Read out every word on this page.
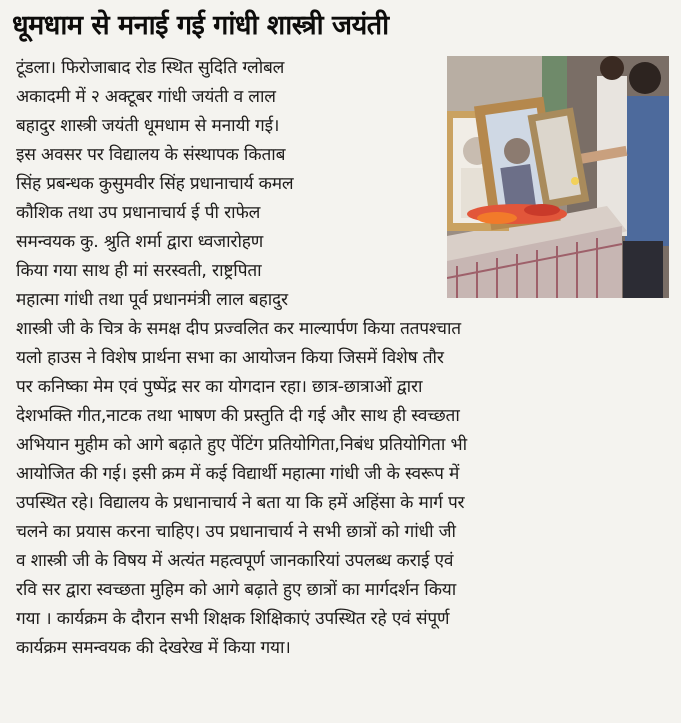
धूमधाम से मनाई गई गांधी शास्त्री जयंती

टूंडला। फिरोजाबाद रोड स्थित सुदिति ग्लोबल

अकादमी में २ अक्टूबर गांधी जयंती व लाल

बहादुर शास्त्री जयंती धूमधाम से मनायी गई।

इस अवसर पर विद्यालय के संस्थापक किताब

सिंह प्रबन्धक कुसुमवीर सिंह प्रधानाचार्य कमल

कौशिक तथा उप प्रधानाचार्य ई पी राफेल

समन्वयक कु. श्रुति शर्मा द्वारा ध्वजारोहण

किया गया साथ ही मां सरस्वती, राष्ट्रपिता

महात्मा गांधी तथा पूर्व प्रधानमंत्री लाल बहादुर

शास्त्री जी के चित्र के समक्ष दीप प्रज्वलित कर माल्यार्पण किया ततपश्चात

यलो हाउस ने विशेष प्रार्थना सभा का आयोजन किया जिसमें विशेष तौर

पर कनिष्का मेम एवं पुष्पेंद्र सर का योगदान रहा। छात्र-छात्राओं द्वारा

देशभक्ति गीत,नाटक तथा भाषण की प्रस्तुति दी गई और साथ ही स्वच्छता

अभियान मुहीम को आगे बढ़ाते हुए पेंटिंग प्रतियोगिता,निबंध प्रतियोगिता भी

आयोजित की गई। इसी क्रम में कई विद्यार्थी महात्मा गांधी जी के स्वरूप में

उपस्थित रहे। विद्यालय के प्रधानाचार्य ने बता या कि हमें अहिंसा के मार्ग पर

चलने का प्रयास करना चाहिए। उप प्रधानाचार्य ने सभी छात्रों को गांधी जी

व शास्त्री जी के विषय में अत्यंत महत्वपूर्ण जानकारियां उपलब्ध कराई एवं

रवि सर द्वारा स्वच्छता मुहिम को आगे बढ़ाते हुए छात्रों का मार्गदर्शन किया

गया । कार्यक्रम के दौरान सभी शिक्षक शिक्षिकाएं उपस्थित रहे एवं संपूर्ण

कार्यक्रम समन्वयक की देखरेख में किया गया।
